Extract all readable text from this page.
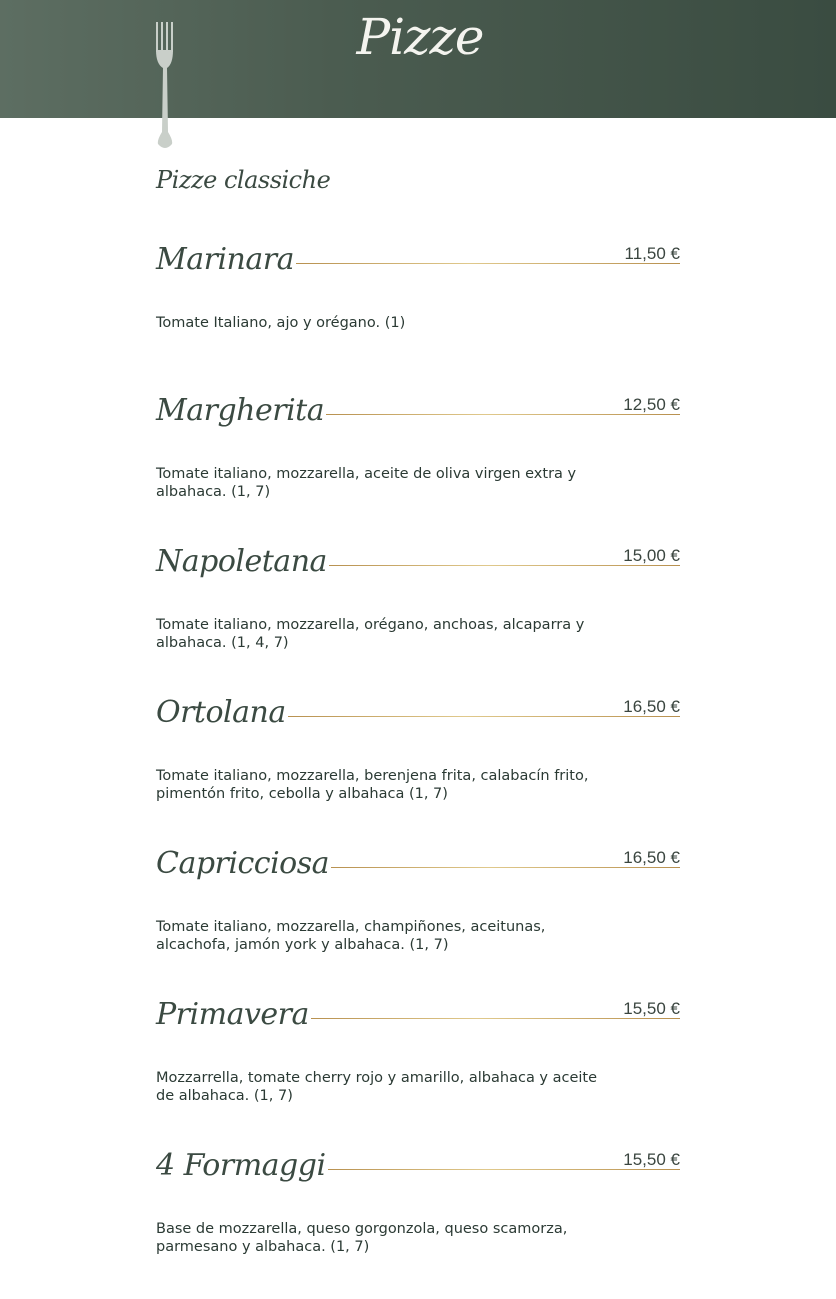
Pizze
Pizze classiche
Marinara	11,50 €
Tomate Italiano, ajo y orégano. (1)
Margherita	12,50 €
Tomate italiano, mozzarella, aceite de oliva virgen extra y albahaca. (1, 7)
Napoletana	15,00 €
Tomate italiano, mozzarella, orégano, anchoas, alcaparra y albahaca. (1, 4, 7)
Ortolana	16,50 €
Tomate italiano, mozzarella, berenjena frita, calabacín frito, pimentón frito, cebolla y albahaca (1, 7)
Capricciosa	16,50 €
Tomate italiano, mozzarella, champiñones, aceitunas, alcachofa, jamón york y albahaca. (1, 7)
Primavera	15,50 €
Mozzarrella, tomate cherry rojo y amarillo, albahaca y aceite de albahaca. (1, 7)
4 Formaggi	15,50 €
Base de mozzarella, queso gorgonzola, queso scamorza, parmesano y albahaca. (1, 7)
